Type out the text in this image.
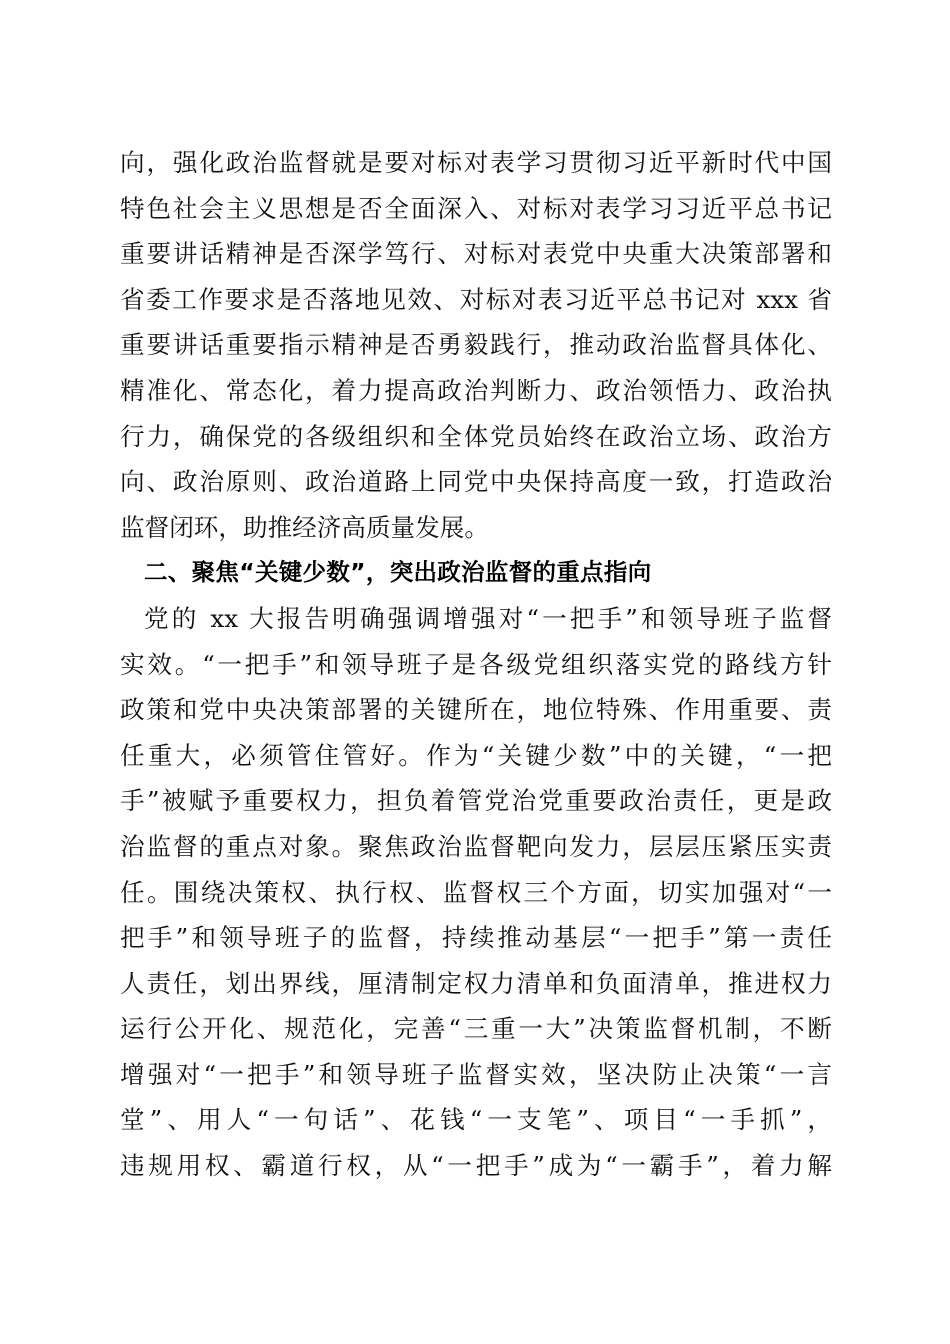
向，强化政治监督就是要对标对表学习贯彻习近平新时代中国
特色社会主义思想是否全面深入、对标对表学习习近平总书记
重要讲话精神是否深学笃行、对标对表党中央重大决策部署和
省委工作要求是否落地见效、对标对表习近平总书记对 xxx 省
重要讲话重要指示精神是否勇毅践行，推动政治监督具体化、
精准化、常态化，着力提高政治判断力、政治领悟力、政治执
行力，确保党的各级组织和全体党员始终在政治立场、政治方
向、政治原则、政治道路上同党中央保持高度一致，打造政治
监督闭环，助推经济高质量发展。
二、聚焦“关键少数”，突出政治监督的重点指向
党的 xx 大报告明确强调增强对“一把手”和领导班子监督
实效。“一把手”和领导班子是各级党组织落实党的路线方针
政策和党中央决策部署的关键所在，地位特殊、作用重要、责
任重大，必须管住管好。作为“关键少数”中的关键，“一把
手”被赋予重要权力，担负着管党治党重要政治责任，更是政
治监督的重点对象。聚焦政治监督靶向发力，层层压紧压实责
任。围绕决策权、执行权、监督权三个方面，切实加强对“一
把手”和领导班子的监督，持续推动基层“一把手”第一责任
人责任，划出界线，厘清制定权力清单和负面清单，推进权力
运行公开化、规范化，完善“三重一大”决策监督机制，不断
增强对“一把手”和领导班子监督实效，坚决防止决策“一言
堂”、用人“一句话”、花钱“一支笔”、项目“一手抓”，
违规用权、霸道行权，从“一把手”成为“一霸手”，着力解
